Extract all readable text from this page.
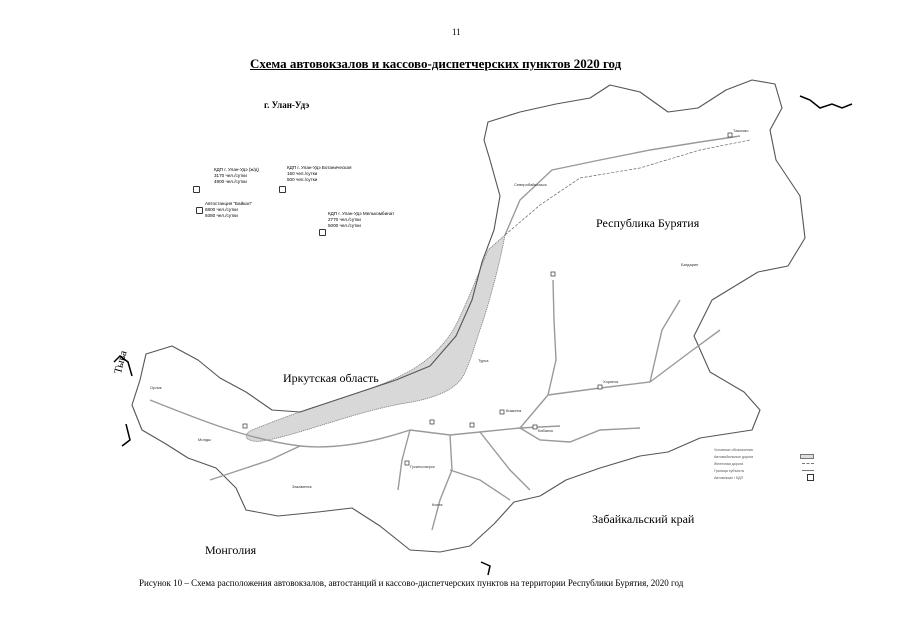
11
Схема автовокзалов и кассово-диспетчерских пунктов 2020 год
г. Улан-Удэ
КДП г. Улан-Удэ (ж/д)
3170 чел./сутки
4900 чел./сутки
КДП г. Улан-Удэ Ботаническая
160 чел./сутки
500 чел./сутки
Автостанция "Байкал"
6800 чел./сутки
9380 чел./сутки	КДП г. Улан-Удэ Мелькомбинат
2770 чел./сутки
5000 чел./сутки
Таксимо
Северобайкальск
Багдарин
Турка
Кабанск
Кяхта
Закаменск
Орлик
Монды
Гусиноозерск
Кижинга
Хоринск
Республика Бурятия
Иркутская область
Забайкальский край
Монголия
Тыва
Условные обозначения
Автомобильные дороги
Железная дорога
Граница субъекта
Автовокзал / КДП
Рисунок 10 – Схема расположения автовокзалов, автостанций и кассово-диспетчерских пунктов на территории Республики Бурятия, 2020 год
